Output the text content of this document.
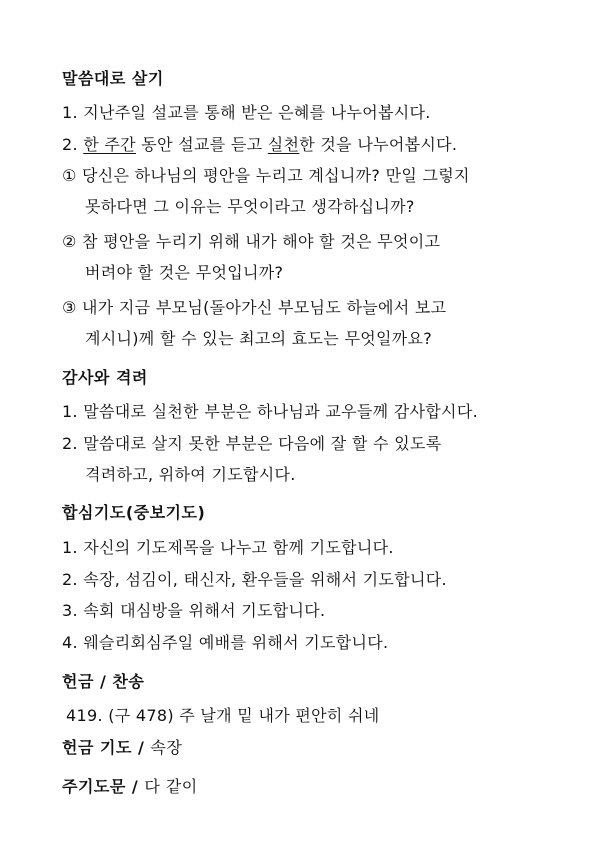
말씀대로 살기
1. 지난주일 설교를 통해 받은 은혜를 나누어봅시다.
2. 한 주간 동안 설교를 듣고 실천한 것을 나누어봅시다.
① 당신은 하나님의 평안을 누리고 계십니까? 만일 그렇지
못하다면 그 이유는 무엇이라고 생각하십니까?
② 참 평안을 누리기 위해 내가 해야 할 것은 무엇이고
버려야 할 것은 무엇입니까?
③ 내가 지금 부모님(돌아가신 부모님도 하늘에서 보고
계시니)께 할 수 있는 최고의 효도는 무엇일까요?
감사와 격려
1. 말씀대로 실천한 부분은 하나님과 교우들께 감사합시다.
2. 말씀대로 살지 못한 부분은 다음에 잘 할 수 있도록
격려하고, 위하여 기도합시다.
합심기도(중보기도)
1. 자신의 기도제목을 나누고 함께 기도합니다.
2. 속장, 섬김이, 태신자, 환우들을 위해서 기도합니다.
3. 속회 대심방을 위해서 기도합니다.
4. 웨슬리회심주일 예배를 위해서 기도합니다.
헌금 / 찬송
419. (구 478) 주 날개 밑 내가 편안히 쉬네
헌금 기도 / 속장
주기도문 / 다 같이
